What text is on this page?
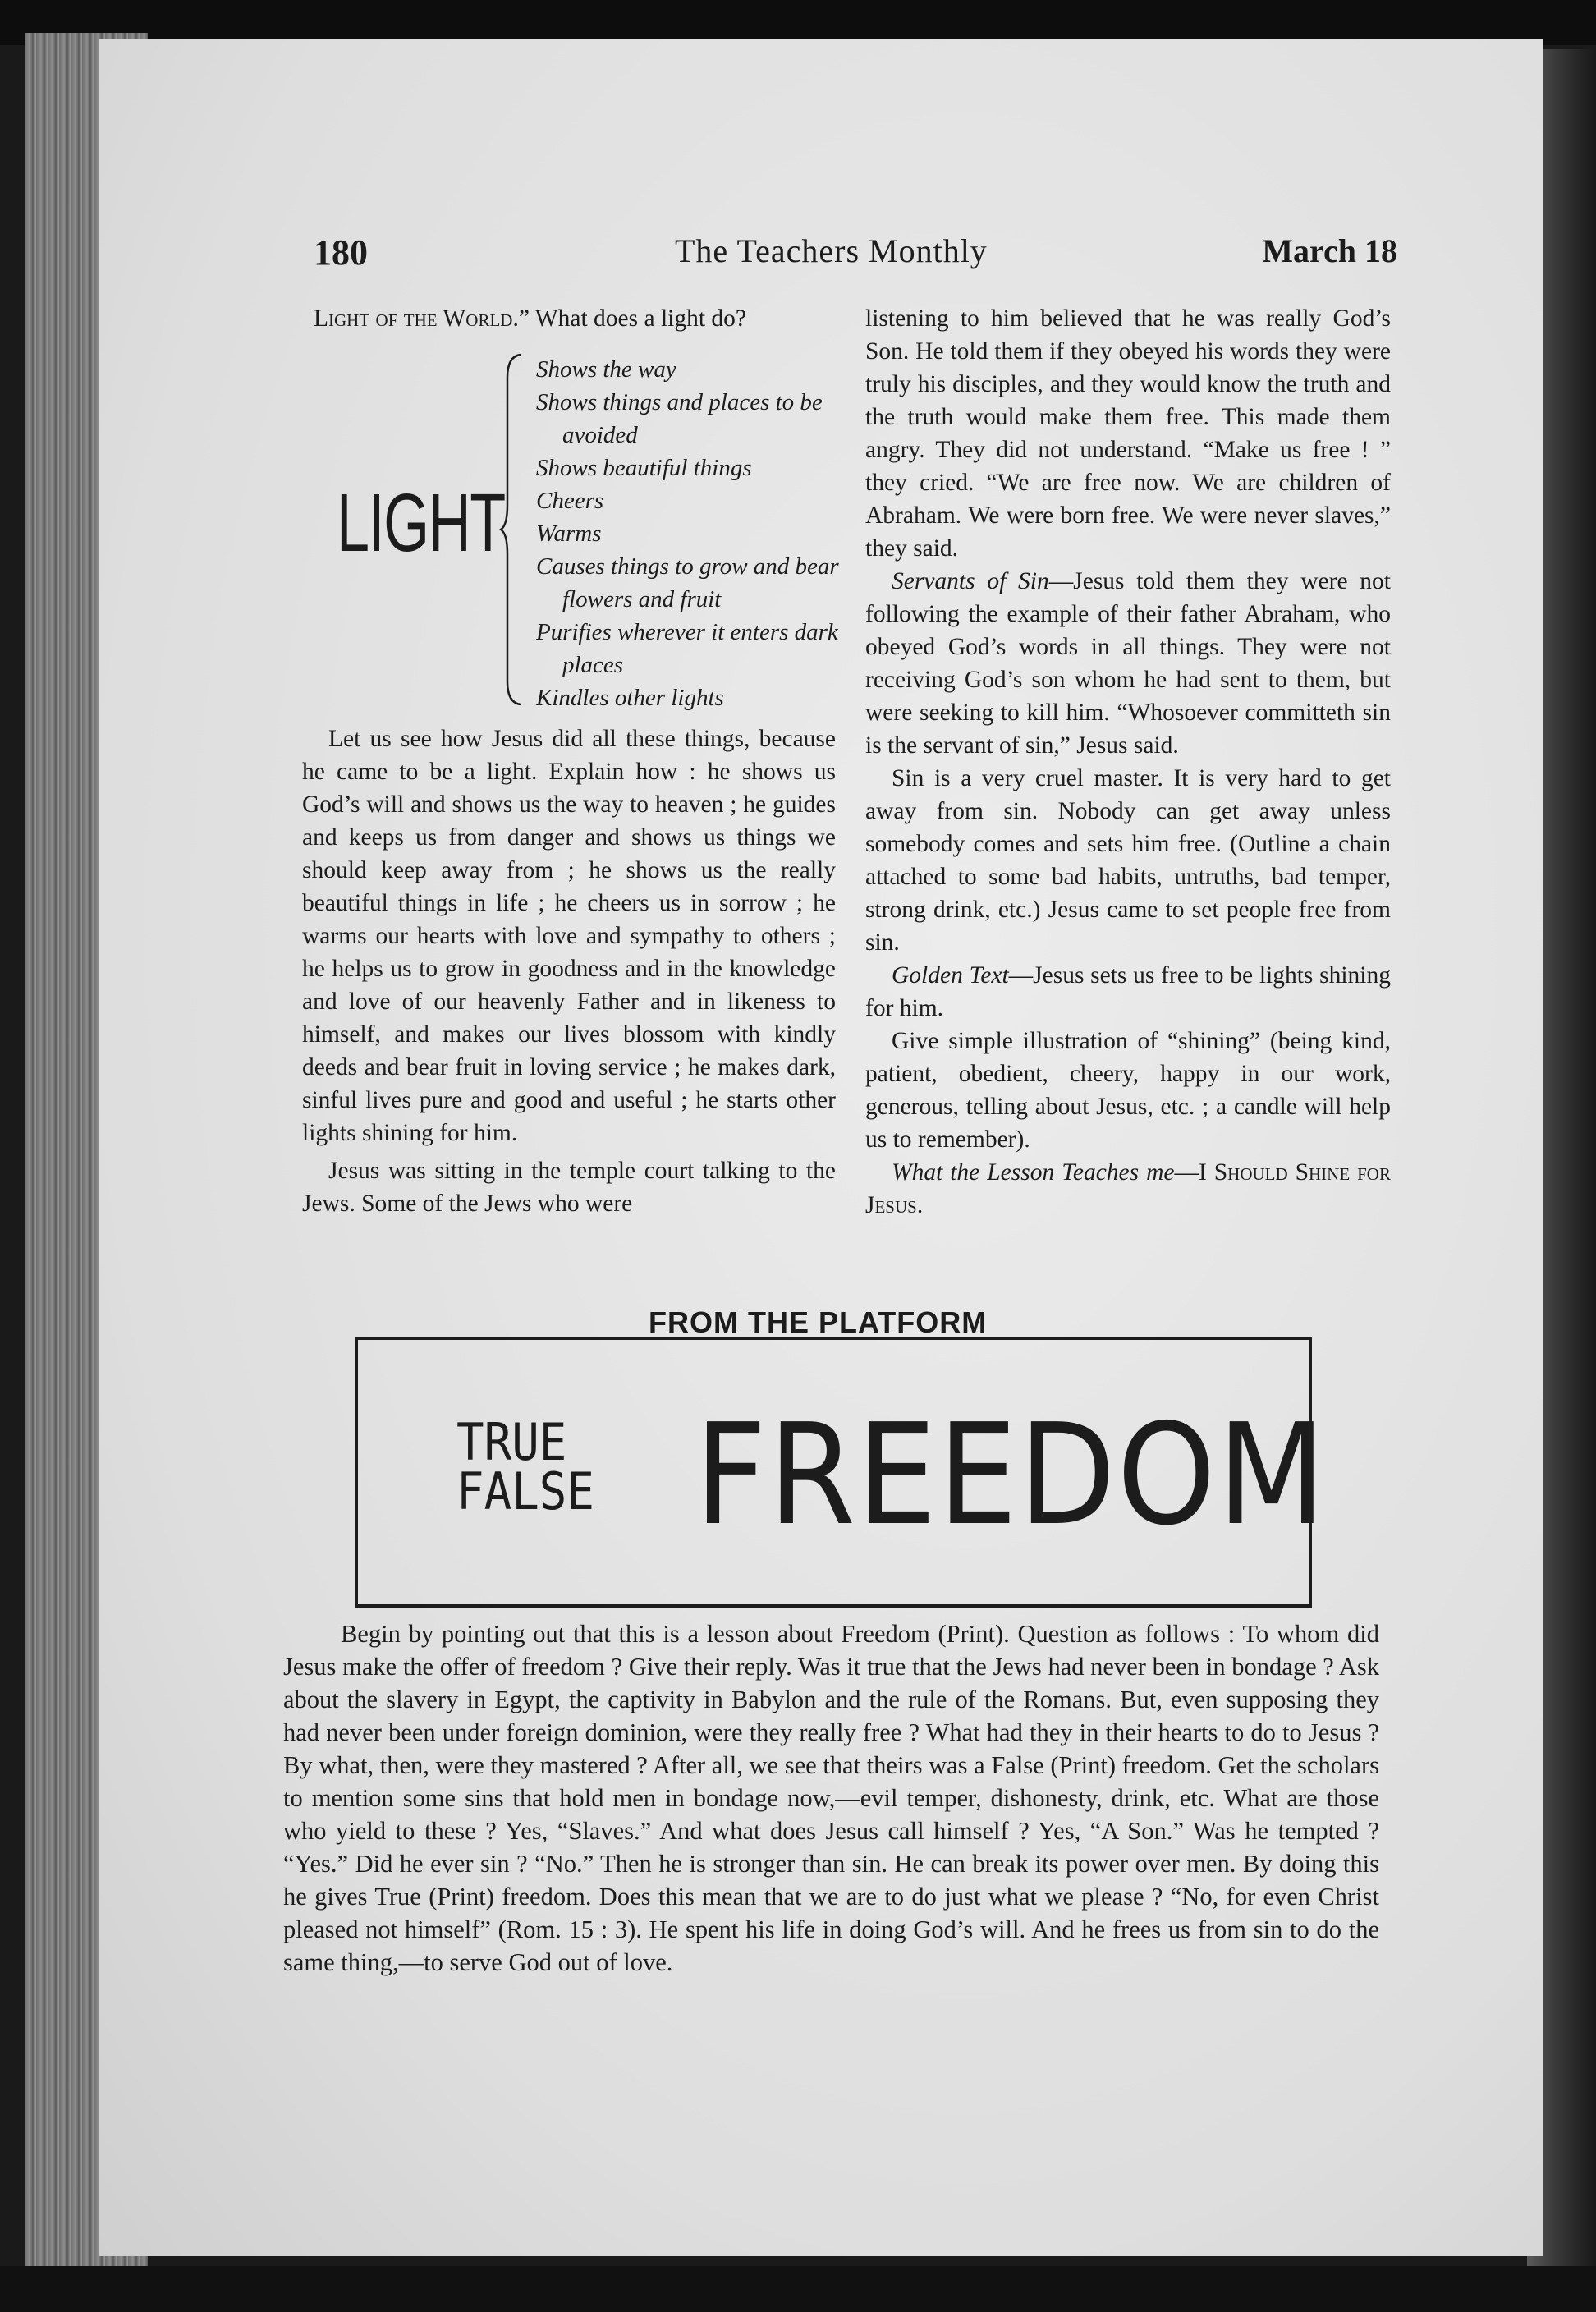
180	The Teachers Monthly	March 18

Light of the World.” What does a light do?

LIGHT
Shows the way
Shows things and places to be avoided
Shows beautiful things
Cheers
Warms
Causes things to grow and bear flowers and fruit
Purifies wherever it enters dark places
Kindles other lights

Let us see how Jesus did all these things, because he came to be a light. Explain how : he shows us God’s will and shows us the way to heaven ; he guides and keeps us from danger and shows us things we should keep away from ; he shows us the really beautiful things in life ; he cheers us in sorrow ; he warms our hearts with love and sympathy to others ; he helps us to grow in goodness and in the knowledge and love of our heavenly Father and in likeness to himself, and makes our lives blossom with kindly deeds and bear fruit in loving service ; he makes dark, sinful lives pure and good and useful ; he starts other lights shining for him.

Jesus was sitting in the temple court talking to the Jews. Some of the Jews who were

listening to him believed that he was really God’s Son. He told them if they obeyed his words they were truly his disciples, and they would know the truth and the truth would make them free. This made them angry. They did not understand. “Make us free ! ” they cried. “We are free now. We are children of Abraham. We were born free. We were never slaves,” they said.

Servants of Sin—Jesus told them they were not following the example of their father Abraham, who obeyed God’s words in all things. They were not receiving God’s son whom he had sent to them, but were seeking to kill him. “Whosoever committeth sin is the servant of sin,” Jesus said.

Sin is a very cruel master. It is very hard to get away from sin. Nobody can get away unless somebody comes and sets him free. (Outline a chain attached to some bad habits, untruths, bad temper, strong drink, etc.) Jesus came to set people free from sin.

Golden Text—Jesus sets us free to be lights shining for him.

Give simple illustration of “shining” (being kind, patient, obedient, cheery, happy in our work, generous, telling about Jesus, etc. ; a candle will help us to remember).

What the Lesson Teaches me—I Should Shine for Jesus.

FROM THE PLATFORM
TRUE
FALSE FREEDOM

Begin by pointing out that this is a lesson about Freedom (Print). Question as follows : To whom did Jesus make the offer of freedom ? Give their reply. Was it true that the Jews had never been in bondage ? Ask about the slavery in Egypt, the captivity in Babylon and the rule of the Romans. But, even supposing they had never been under foreign dominion, were they really free ? What had they in their hearts to do to Jesus ? By what, then, were they mastered ? After all, we see that theirs was a False (Print) freedom. Get the scholars to mention some sins that hold men in bondage now,—evil temper, dishonesty, drink, etc. What are those who yield to these ? Yes, “Slaves.” And what does Jesus call himself ? Yes, “A Son.” Was he tempted ? “Yes.” Did he ever sin ? “No.” Then he is stronger than sin. He can break its power over men. By doing this he gives True (Print) freedom. Does this mean that we are to do just what we please ? “No, for even Christ pleased not himself” (Rom. 15 : 3). He spent his life in doing God’s will. And he frees us from sin to do the same thing,—to serve God out of love.
